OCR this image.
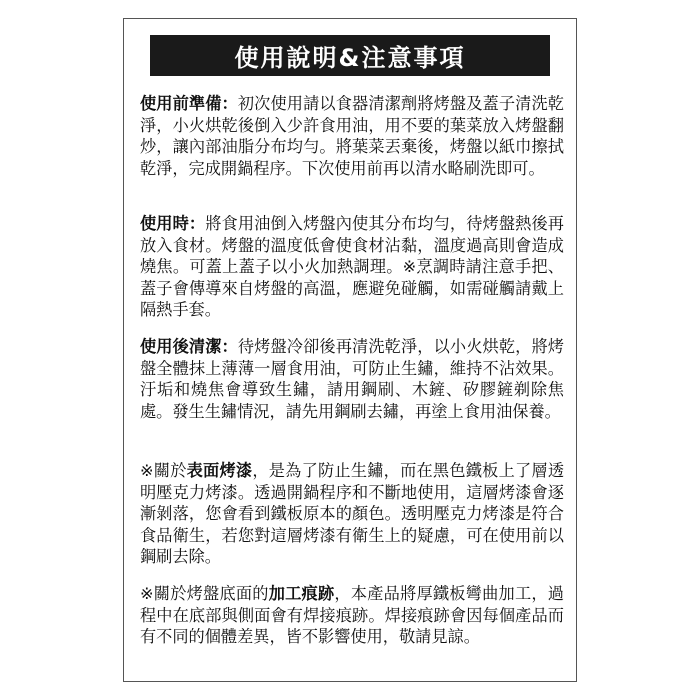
使用說明&注意事項

使用前準備：初次使用請以食器清潔劑將烤盤及蓋子清洗乾淨，小火烘乾後倒入少許食用油，用不要的葉菜放入烤盤翻炒，讓內部油脂分布均勻。將葉菜丟棄後，烤盤以紙巾擦拭乾淨，完成開鍋程序。下次使用前再以清水略刷洗即可。

使用時：將食用油倒入烤盤內使其分布均勻，待烤盤熱後再放入食材。烤盤的溫度低會使食材沾黏，溫度過高則會造成燒焦。可蓋上蓋子以小火加熱調理。※烹調時請注意手把、蓋子會傳導來自烤盤的高溫，應避免碰觸，如需碰觸請戴上隔熱手套。

使用後清潔：待烤盤冷卻後再清洗乾淨，以小火烘乾，將烤盤全體抹上薄薄一層食用油，可防止生鏽，維持不沾效果。汙垢和燒焦會導致生鏽，請用鋼刷、木鏟、矽膠鏟剃除焦處。發生生鏽情況，請先用鋼刷去鏽，再塗上食用油保養。

※關於表面烤漆，是為了防止生鏽，而在黑色鐵板上了層透明壓克力烤漆。透過開鍋程序和不斷地使用，這層烤漆會逐漸剝落，您會看到鐵板原本的顏色。透明壓克力烤漆是符合食品衛生，若您對這層烤漆有衛生上的疑慮，可在使用前以鋼刷去除。

※關於烤盤底面的加工痕跡，本產品將厚鐵板彎曲加工，過程中在底部與側面會有焊接痕跡。焊接痕跡會因每個產品而有不同的個體差異，皆不影響使用，敬請見諒。
